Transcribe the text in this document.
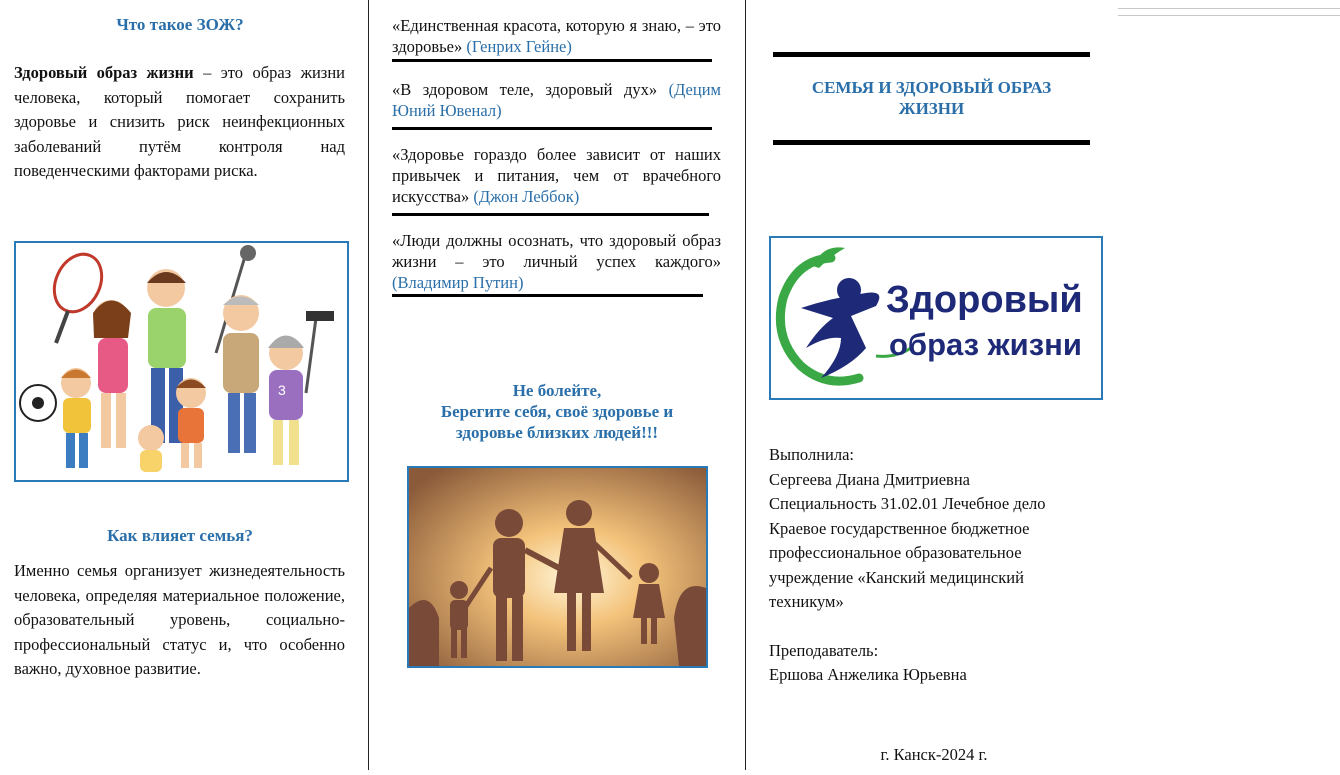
Что такое ЗОЖ?
Здоровый образ жизни – это образ жизни человека, который помогает сохранить здоровье и снизить риск неинфекционных заболеваний путём контроля над поведенческими факторами риска.
3
Как влияет семья?
Именно семья организует жизнедеятельность человека, определяя материальное положение, образовательный уровень, социально-профессиональный статус и, что особенно важно, духовное развитие.
«Единственная красота, которую я знаю, – это здоровье» (Генрих Гейне)
«В здоровом теле, здоровый дух» (Децим Юний Ювенал)
«Здоровье гораздо более зависит от наших привычек и питания, чем от врачебного искусства» (Джон Леббок)
«Люди должны осознать, что здоровый образ жизни – это личный успех каждого» (Владимир Путин)
Не болейте,
Берегите себя, своё здоровье и
здоровье близких людей!!!
СЕМЬЯ И ЗДОРОВЫЙ ОБРАЗ
ЖИЗНИ
Здоровый
образ жизни
Выполнила:
Сергеева Диана Дмитриевна
Специальность 31.02.01 Лечебное дело
Краевое государственное бюджетное
профессиональное образовательное
учреждение «Канский медицинский
техникум»
Преподаватель:
Ершова Анжелика Юрьевна
г. Канск-2024 г.
